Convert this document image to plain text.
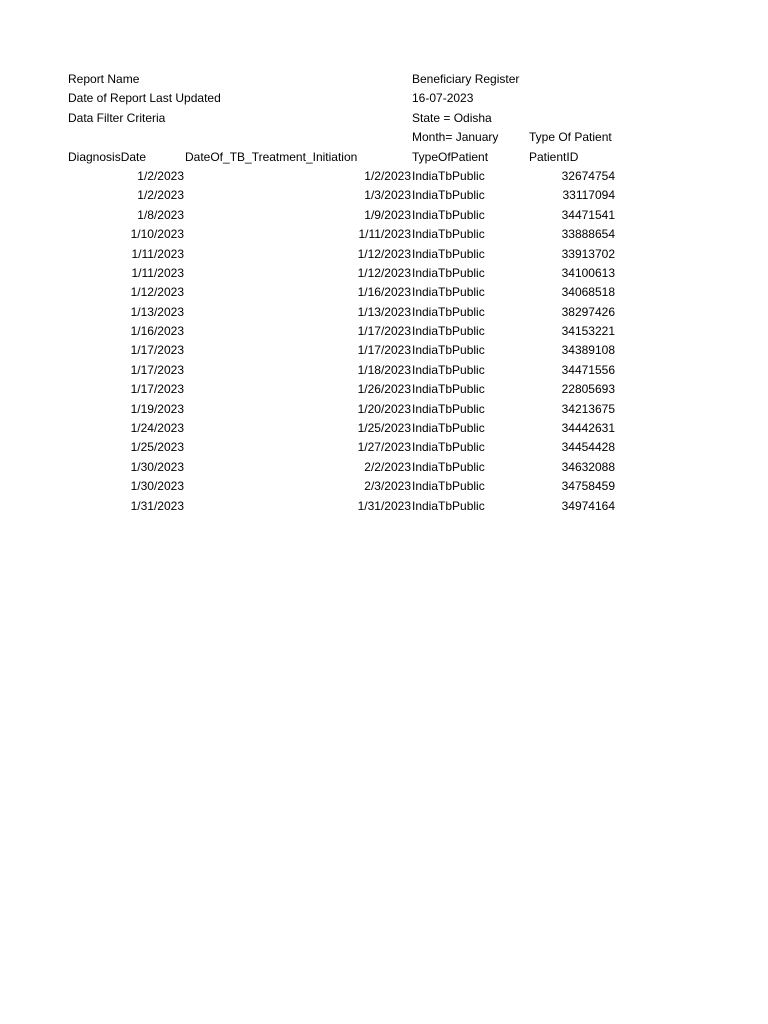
Report Name	Beneficiary Register
Date of Report Last Updated	16-07-2023
Data Filter Criteria	State = Odisha
Month= January	Type Of Patient
DiagnosisDate	DateOf_TB_Treatment_Initiation	TypeOfPatient	PatientID
1/2/2023	1/2/2023 IndiaTbPublic	32674754
1/2/2023	1/3/2023 IndiaTbPublic	33117094
1/8/2023	1/9/2023 IndiaTbPublic	34471541
1/10/2023	1/11/2023 IndiaTbPublic	33888654
1/11/2023	1/12/2023 IndiaTbPublic	33913702
1/11/2023	1/12/2023 IndiaTbPublic	34100613
1/12/2023	1/16/2023 IndiaTbPublic	34068518
1/13/2023	1/13/2023 IndiaTbPublic	38297426
1/16/2023	1/17/2023 IndiaTbPublic	34153221
1/17/2023	1/17/2023 IndiaTbPublic	34389108
1/17/2023	1/18/2023 IndiaTbPublic	34471556
1/17/2023	1/26/2023 IndiaTbPublic	22805693
1/19/2023	1/20/2023 IndiaTbPublic	34213675
1/24/2023	1/25/2023 IndiaTbPublic	34442631
1/25/2023	1/27/2023 IndiaTbPublic	34454428
1/30/2023	2/2/2023 IndiaTbPublic	34632088
1/30/2023	2/3/2023 IndiaTbPublic	34758459
1/31/2023	1/31/2023 IndiaTbPublic	34974164
